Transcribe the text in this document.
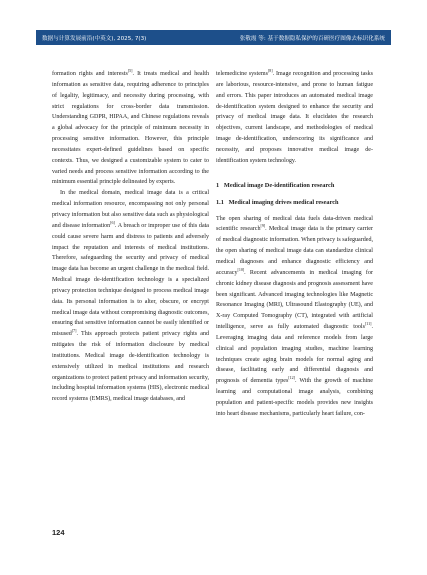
数据与计算发展前沿(中英文), 2025, 7(3)	张敬霞 等: 基于数据隐私保护的百研医疗图像去标识化系统

formation rights and interests[5]. It treats medical and health information as sensitive data, requiring adherence to principles of legality, legitimacy, and necessity during processing, with strict regulations for cross-border data transmission. Understanding GDPR, HIPAA, and Chinese regulations reveals a global advocacy for the principle of minimum necessity in processing sensitive information. However, this principle necessitates expert-defined guidelines based on specific contexts. Thus, we designed a customizable system to cater to varied needs and process sensitive information according to the minimum essential principle delineated by experts.

In the medical domain, medical image data is a critical medical information resource, encompassing not only personal privacy information but also sensitive data such as physiological and disease information[6]. A breach or improper use of this data could cause severe harm and distress to patients and adversely impact the reputation and interests of medical institutions. Therefore, safeguarding the security and privacy of medical image data has become an urgent challenge in the medical field. Medical image de-identification technology is a specialized privacy protection technique designed to process medical image data. Its personal information is to alter, obscure, or encrypt medical image data without compromising diagnostic outcomes, ensuring that sensitive information cannot be easily identified or misused[7]. This approach protects patient privacy rights and mitigates the risk of information disclosure by medical institutions. Medical image de-identification technology is extensively utilized in medical institutions and research organizations to protect patient privacy and information security, including hospital information systems (HIS), electronic medical record systems (EMRS), medical image databases, and

telemedicine systems[8]. Image recognition and processing tasks are laborious, resource-intensive, and prone to human fatigue and errors. This paper introduces an automated medical image de-identification system designed to enhance the security and privacy of medical image data. It elucidates the research objectives, current landscape, and methodologies of medical image de-identification, underscoring its significance and necessity, and proposes innovative medical image de-identification system technology.

1 Medical image De-identification research
1.1 Medical imaging drives medical research

The open sharing of medical data fuels data-driven medical scientific research[9]. Medical image data is the primary carrier of medical diagnostic information. When privacy is safeguarded, the open sharing of medical image data can standardize clinical medical diagnoses and enhance diagnostic efficiency and accuracy[10]. Recent advancements in medical imaging for chronic kidney disease diagnosis and prognosis assessment have been significant. Advanced imaging technologies like Magnetic Resonance Imaging (MRI), Ultrasound Elastography (UE), and X-ray Computed Tomography (CT), integrated with artificial intelligence, serve as fully automated diagnostic tools[11]. Leveraging imaging data and reference models from large clinical and population imaging studies, machine learning techniques create aging brain models for normal aging and disease, facilitating early and differential diagnosis and prognosis of dementia types[12]. With the growth of machine learning and computational image analysis, combining population and patient-specific models provides new insights into heart disease mechanisms, particularly heart failure, con-

124
